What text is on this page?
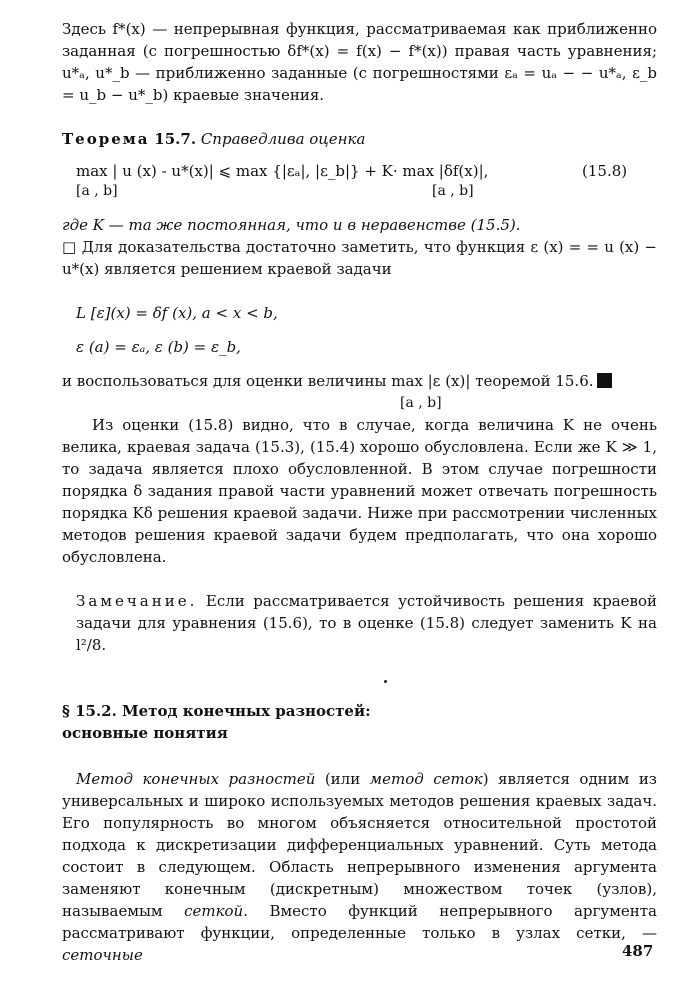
Здесь f*(x) — непрерывная функция, рассматриваемая как приближенно заданная (с погрешностью δf*(x) = f(x) − f*(x)) правая часть уравнения; u*ₐ, u*_b — приближенно заданные (с погрешностями εₐ = uₐ − − u*ₐ, ε_b = u_b − u*_b) краевые значения.

Теорема 15.7. Справедлива оценка

max | u (x) - u*(x)| ⩽ max {|εₐ|, |ε_b|} + K· max |δf(x)|,
[a , b]	[a , b]
(15.8)

где K — та же постоянная, что и в неравенстве (15.5).

□ Для доказательства достаточно заметить, что функция ε (x) = = u (x) − u*(x) является решением краевой задачи

L [ε](x) = δf (x), a < x < b,
ε (a) = εₐ, ε (b) = ε_b,

и воспользоваться для оценки величины max |ε (x)| теоремой 15.6.

[a , b]

Из оценки (15.8) видно, что в случае, когда величина K не очень велика, краевая задача (15.3), (15.4) хорошо обусловлена. Если же K ≫ 1, то задача является плохо обусловленной. В этом случае погрешности порядка δ задания правой части уравнений может отвечать погрешность порядка Kδ решения краевой задачи. Ниже при рассмотрении численных методов решения краевой задачи будем предполагать, что она хорошо обусловлена.

Замечание. Если рассматривается устойчивость решения краевой задачи для уравнения (15.6), то в оценке (15.8) следует заменить K на l²/8.

§ 15.2. Метод конечных разностей:
основные понятия

Метод конечных разностей (или метод сеток) является одним из универсальных и широко используемых методов решения краевых задач. Его популярность во многом объясняется относительной простотой подхода к дискретизации дифференциальных уравнений. Суть метода состоит в следующем. Область непрерывного изменения аргумента заменяют конечным (дискретным) множеством точек (узлов), называемым сеткой. Вместо функций непрерывного аргумента рассматривают функции, определенные только в узлах сетки, — сеточные	487
